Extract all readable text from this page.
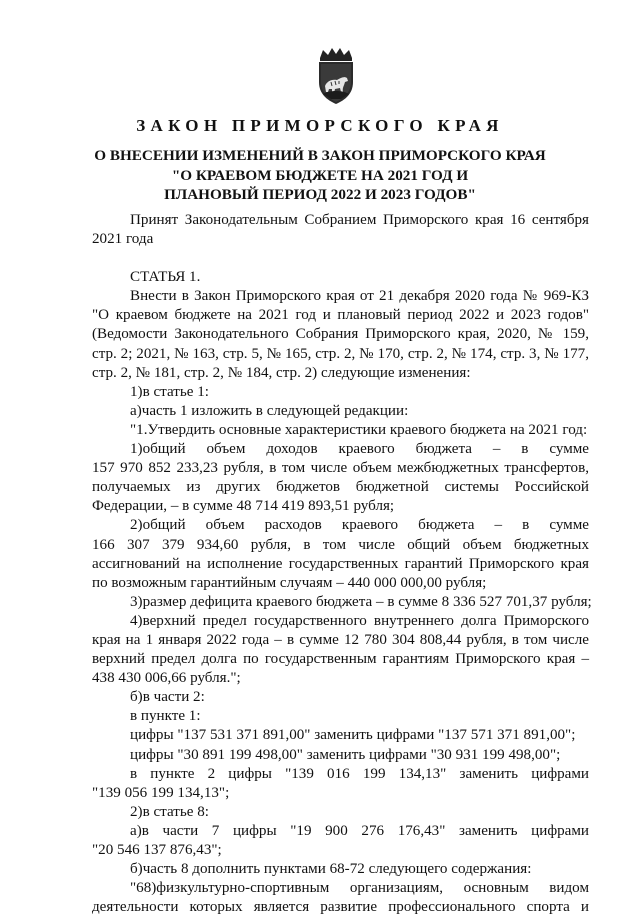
ЗАКОН ПРИМОРСКОГО КРАЯ
О ВНЕСЕНИИ ИЗМЕНЕНИЙ В ЗАКОН ПРИМОРСКОГО КРАЯ
"О КРАЕВОМ БЮДЖЕТЕ НА 2021 ГОД И
ПЛАНОВЫЙ ПЕРИОД 2022 И 2023 ГОДОВ"
Принят Законодательным Собранием Приморского края 16 сентября
2021 года
СТАТЬЯ 1.
Внести в Закон Приморского края от 21 декабря 2020 года № 969-КЗ
"О краевом бюджете на 2021 год и плановый период 2022 и 2023 годов"
(Ведомости Законодательного Собрания Приморского края, 2020, № 159,
стр. 2; 2021, № 163, стр. 5, № 165, стр. 2, № 170, стр. 2, № 174, стр. 3, № 177,
стр. 2, № 181, стр. 2, № 184, стр. 2) следующие изменения:
1)в статье 1:
а)часть 1 изложить в следующей редакции:
"1.Утвердить основные характеристики краевого бюджета на 2021 год:
1)общий объем доходов краевого бюджета – в сумме
157 970 852 233,23 рубля, в том числе объем межбюджетных трансфертов,
получаемых из других бюджетов бюджетной системы Российской
Федерации, – в сумме 48 714 419 893,51 рубля;
2)общий объем расходов краевого бюджета – в сумме
166 307 379 934,60 рубля, в том числе общий объем бюджетных
ассигнований на исполнение государственных гарантий Приморского края
по возможным гарантийным случаям – 440 000 000,00 рубля;
3)размер дефицита краевого бюджета – в сумме 8 336 527 701,37 рубля;
4)верхний предел государственного внутреннего долга Приморского
края на 1 января 2022 года – в сумме 12 780 304 808,44 рубля, в том числе
верхний предел долга по государственным гарантиям Приморского края –
438 430 006,66 рубля.";
б)в части 2:
в пункте 1:
цифры "137 531 371 891,00" заменить цифрами "137 571 371 891,00";
цифры "30 891 199 498,00" заменить цифрами "30 931 199 498,00";
в пункте 2 цифры "139 016 199 134,13" заменить цифрами
"139 056 199 134,13";
2)в статье 8:
а)в части 7 цифры "19 900 276 176,43" заменить цифрами
"20 546 137 876,43";
б)часть 8 дополнить пунктами 68-72 следующего содержания:
"68)физкультурно-спортивным организациям, основным видом
деятельности которых является развитие профессионального спорта и
